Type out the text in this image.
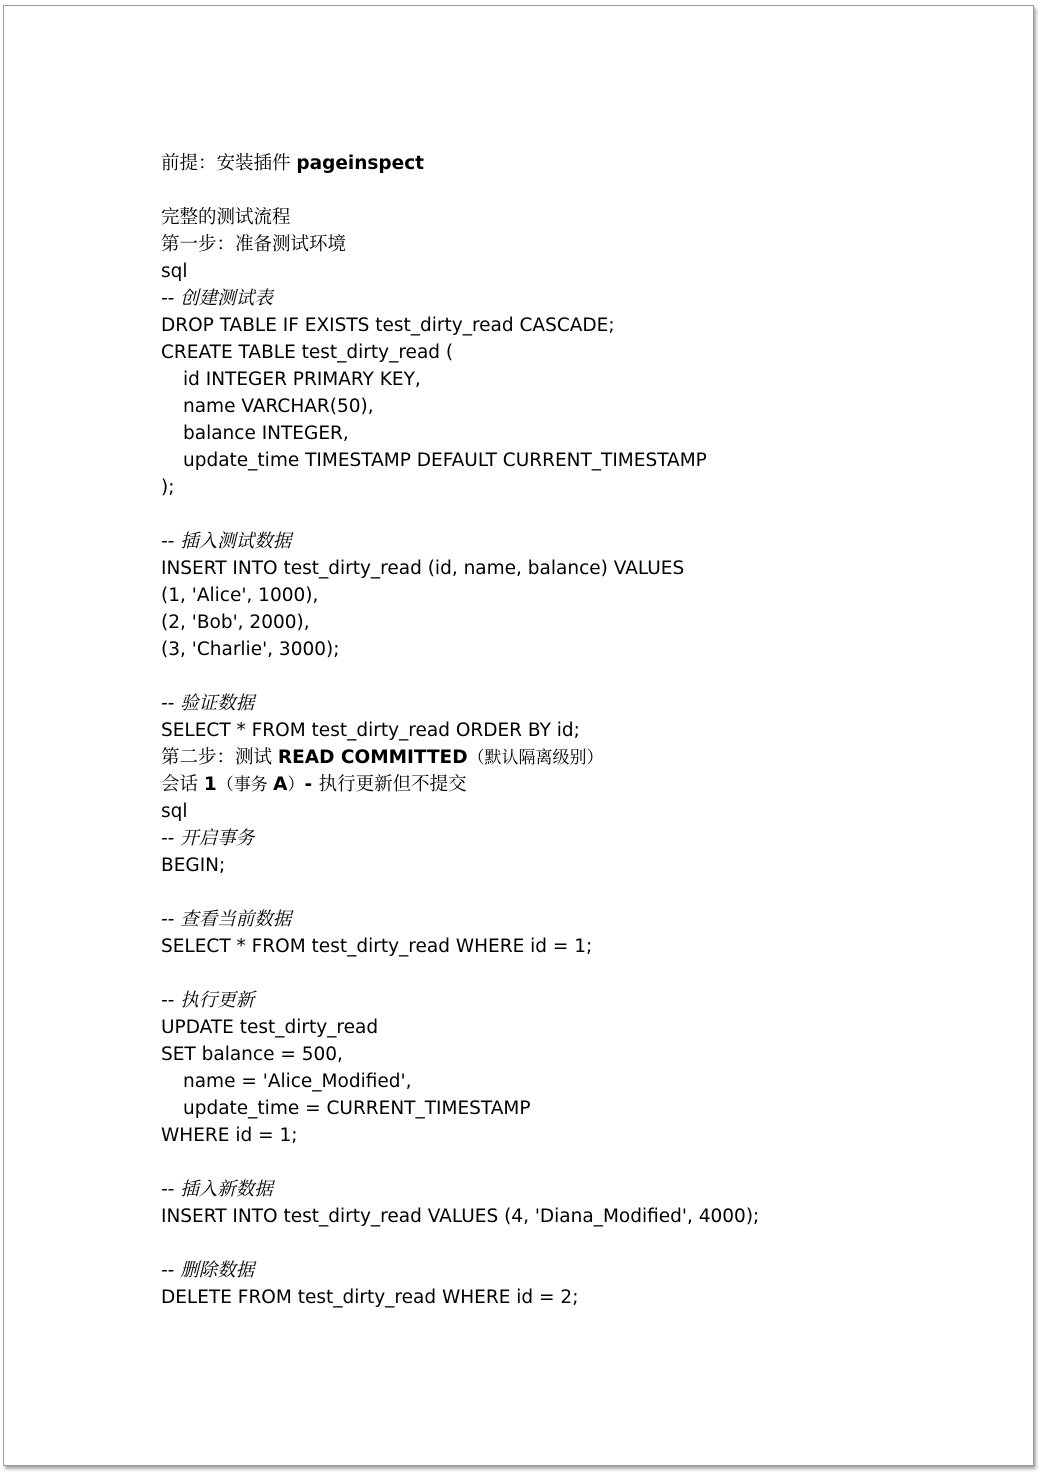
前提：安装插件 pageinspect
完整的测试流程
第一步：准备测试环境
sql
-- 创建测试表
DROP TABLE IF EXISTS test_dirty_read CASCADE;
CREATE TABLE test_dirty_read (
id INTEGER PRIMARY KEY,
name VARCHAR(50),
balance INTEGER,
update_time TIMESTAMP DEFAULT CURRENT_TIMESTAMP
);
-- 插入测试数据
INSERT INTO test_dirty_read (id, name, balance) VALUES
(1, 'Alice', 1000),
(2, 'Bob', 2000),
(3, 'Charlie', 3000);
-- 验证数据
SELECT * FROM test_dirty_read ORDER BY id;
第二步：测试 READ COMMITTED（默认隔离级别）
会话 1（事务 A）- 执行更新但不提交
sql
-- 开启事务
BEGIN;
-- 查看当前数据
SELECT * FROM test_dirty_read WHERE id = 1;
-- 执行更新
UPDATE test_dirty_read
SET balance = 500,
name = 'Alice_Modified',
update_time = CURRENT_TIMESTAMP
WHERE id = 1;
-- 插入新数据
INSERT INTO test_dirty_read VALUES (4, 'Diana_Modified', 4000);
-- 删除数据
DELETE FROM test_dirty_read WHERE id = 2;
